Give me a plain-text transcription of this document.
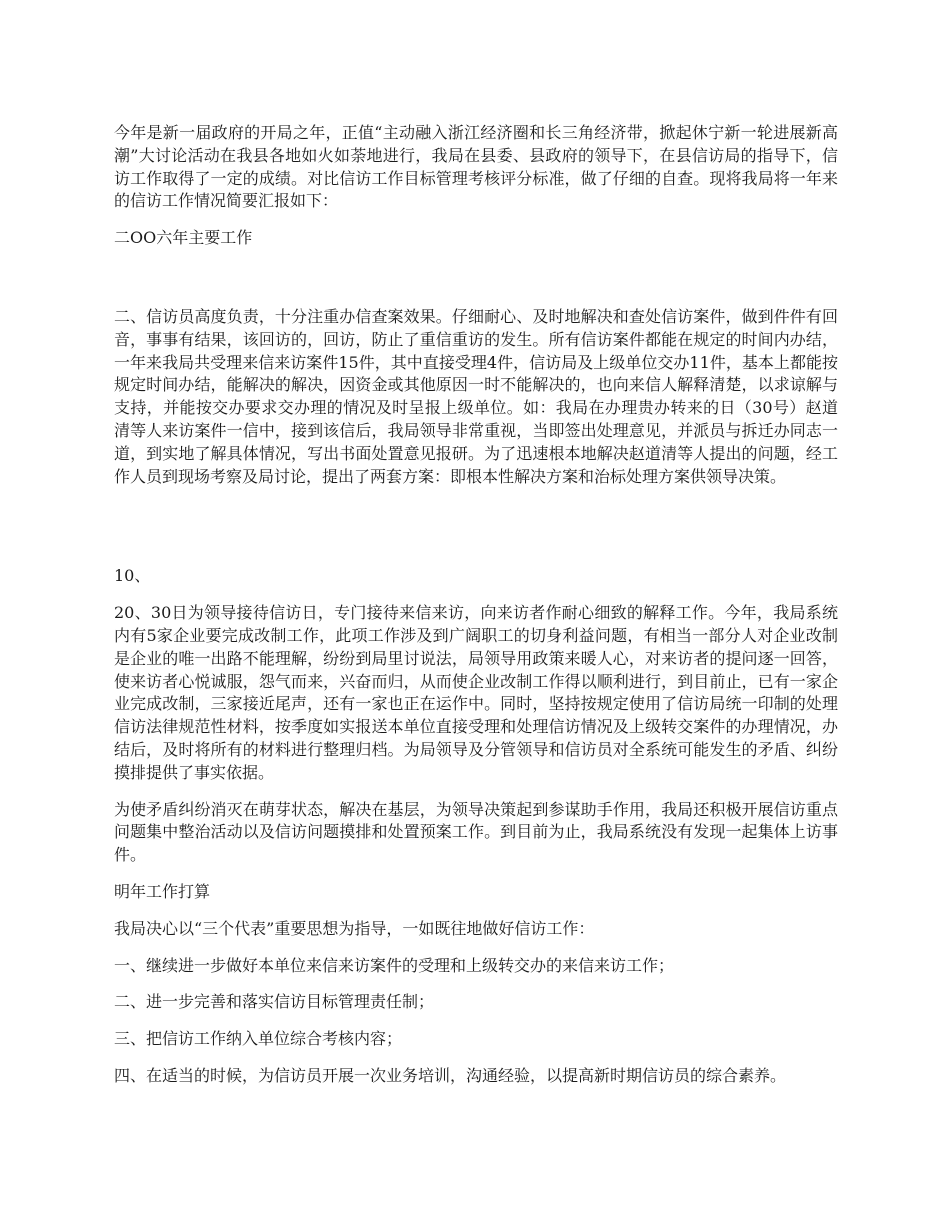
今年是新一届政府的开局之年，正值“主动融入浙江经济圈和长三角经济带，掀起休宁新一轮进展新高潮”大讨论活动在我县各地如火如荼地进行，我局在县委、县政府的领导下，在县信访局的指导下，信访工作取得了一定的成绩。对比信访工作目标管理考核评分标准，做了仔细的自查。现将我局将一年来的信访工作情况简要汇报如下：

二OO六年主要工作

二、信访员高度负责，十分注重办信查案效果。仔细耐心、及时地解决和查处信访案件，做到件件有回音，事事有结果，该回访的，回访，防止了重信重访的发生。所有信访案件都能在规定的时间内办结，一年来我局共受理来信来访案件15件，其中直接受理4件，信访局及上级单位交办11件，基本上都能按规定时间办结，能解决的解决，因资金或其他原因一时不能解决的，也向来信人解释清楚，以求谅解与支持，并能按交办要求交办理的情况及时呈报上级单位。如：我局在办理贵办转来的日（30号）赵道清等人来访案件一信中，接到该信后，我局领导非常重视，当即签出处理意见，并派员与拆迁办同志一道，到实地了解具体情况，写出书面处置意见报研。为了迅速根本地解决赵道清等人提出的问题，经工作人员到现场考察及局讨论，提出了两套方案：即根本性解决方案和治标处理方案供领导决策。

10、

20、30日为领导接待信访日，专门接待来信来访，向来访者作耐心细致的解释工作。今年，我局系统内有5家企业要完成改制工作，此项工作涉及到广阔职工的切身利益问题，有相当一部分人对企业改制是企业的唯一出路不能理解，纷纷到局里讨说法，局领导用政策来暖人心，对来访者的提问逐一回答，使来访者心悦诚服，怨气而来，兴奋而归，从而使企业改制工作得以顺利进行，到目前止，已有一家企业完成改制，三家接近尾声，还有一家也正在运作中。同时，坚持按规定使用了信访局统一印制的处理信访法律规范性材料，按季度如实报送本单位直接受理和处理信访情况及上级转交案件的办理情况，办结后，及时将所有的材料进行整理归档。为局领导及分管领导和信访员对全系统可能发生的矛盾、纠纷摸排提供了事实依据。

为使矛盾纠纷消灭在萌芽状态，解决在基层，为领导决策起到参谋助手作用，我局还积极开展信访重点问题集中整治活动以及信访问题摸排和处置预案工作。到目前为止，我局系统没有发现一起集体上访事件。

明年工作打算

我局决心以“三个代表”重要思想为指导，一如既往地做好信访工作：

一、继续进一步做好本单位来信来访案件的受理和上级转交办的来信来访工作；

二、进一步完善和落实信访目标管理责任制；

三、把信访工作纳入单位综合考核内容；

四、在适当的时候，为信访员开展一次业务培训，沟通经验，以提高新时期信访员的综合素养。
